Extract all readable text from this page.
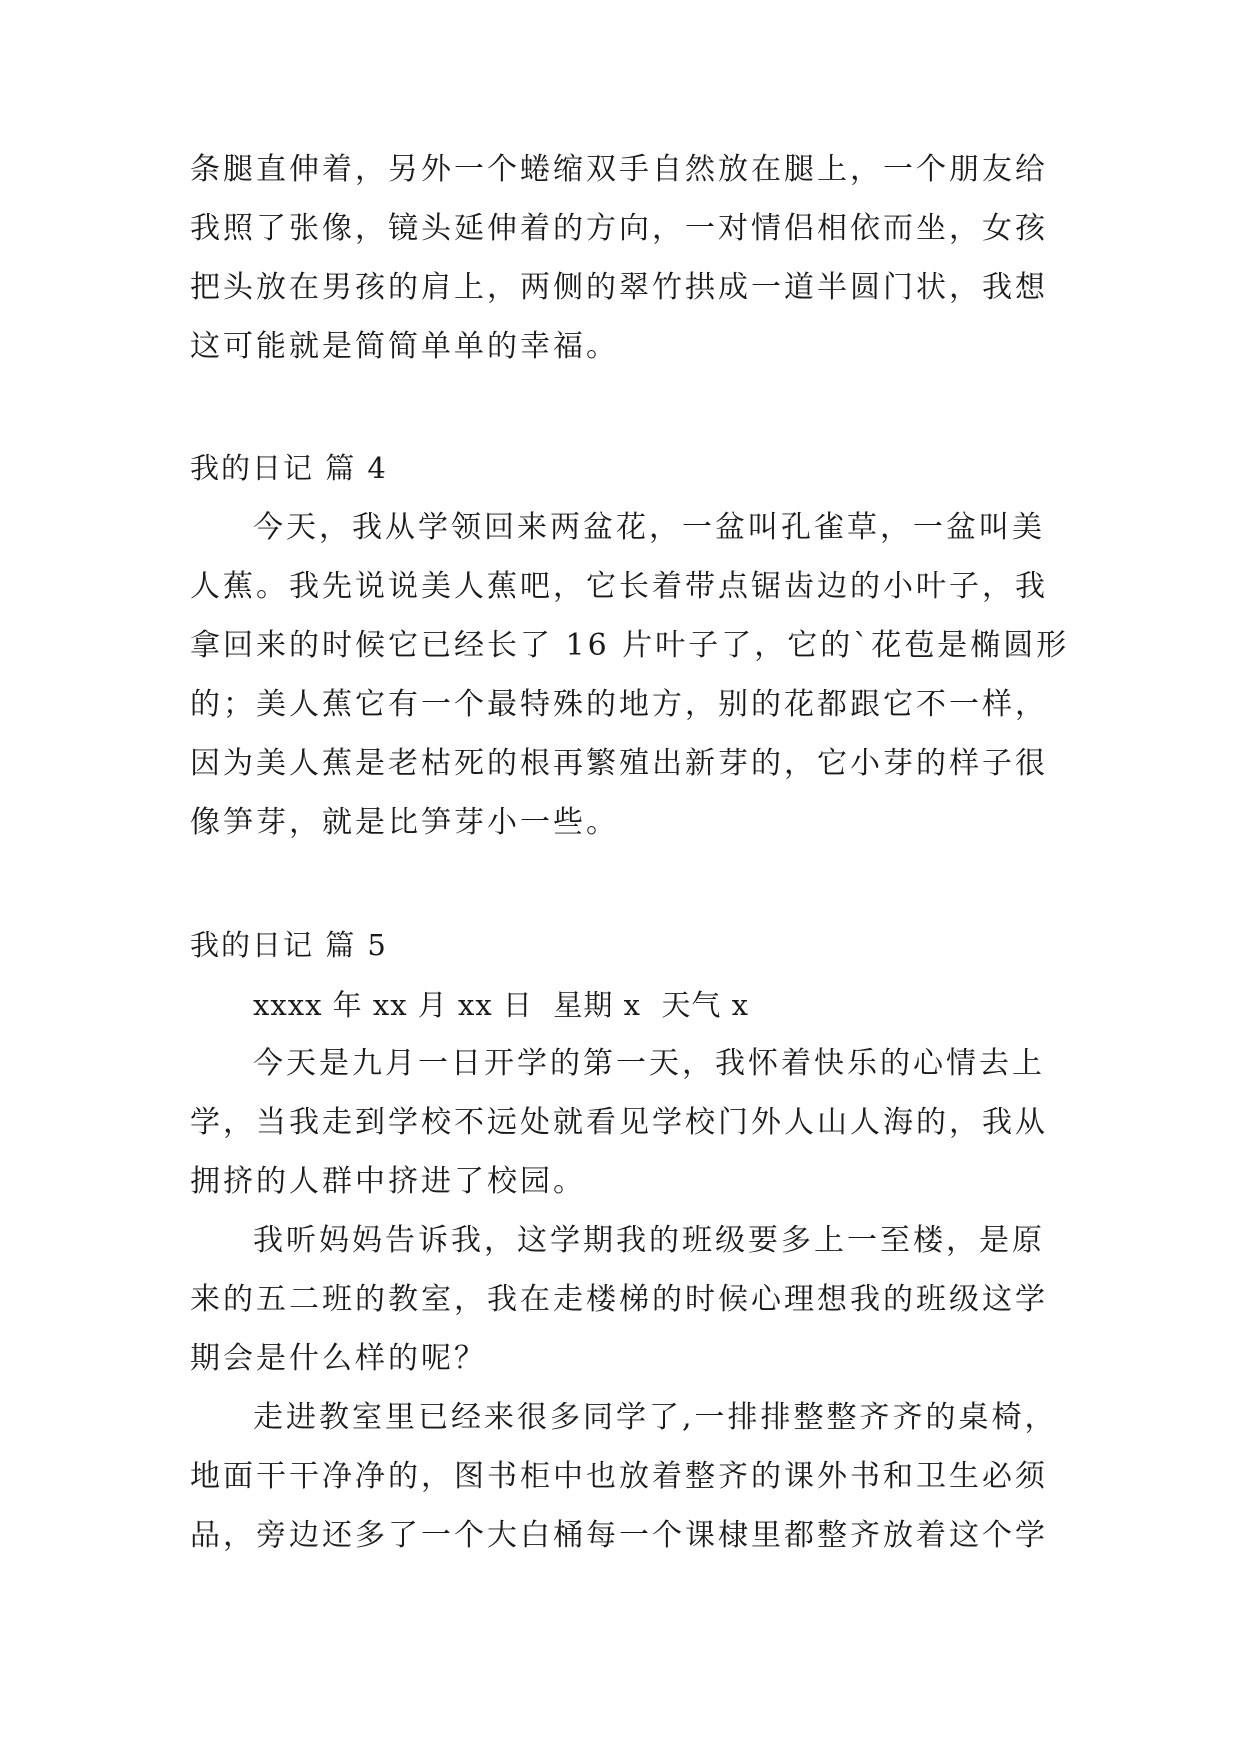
条腿直伸着，另外一个蜷缩双手自然放在腿上，一个朋友给
我照了张像，镜头延伸着的方向，一对情侣相依而坐，女孩
把头放在男孩的肩上，两侧的翠竹拱成一道半圆门状，我想
这可能就是简简单单的幸福。
我的日记 篇 4
今天，我从学领回来两盆花，一盆叫孔雀草，一盆叫美
人蕉。我先说说美人蕉吧，它长着带点锯齿边的小叶子，我
拿回来的时候它已经长了 16 片叶子了，它的`花苞是椭圆形
的；美人蕉它有一个最特殊的地方，别的花都跟它不一样，
因为美人蕉是老枯死的根再繁殖出新芽的，它小芽的样子很
像笋芽，就是比笋芽小一些。
我的日记 篇 5
xxxx 年 xx 月 xx 日  星期 x  天气 x
今天是九月一日开学的第一天，我怀着快乐的心情去上
学，当我走到学校不远处就看见学校门外人山人海的，我从
拥挤的人群中挤进了校园。
我听妈妈告诉我，这学期我的班级要多上一至楼，是原
来的五二班的教室，我在走楼梯的时候心理想我的班级这学
期会是什么样的呢？
走进教室里已经来很多同学了,一排排整整齐齐的桌椅，
地面干干净净的，图书柜中也放着整齐的课外书和卫生必须
品，旁边还多了一个大白桶每一个课棣里都整齐放着这个学
